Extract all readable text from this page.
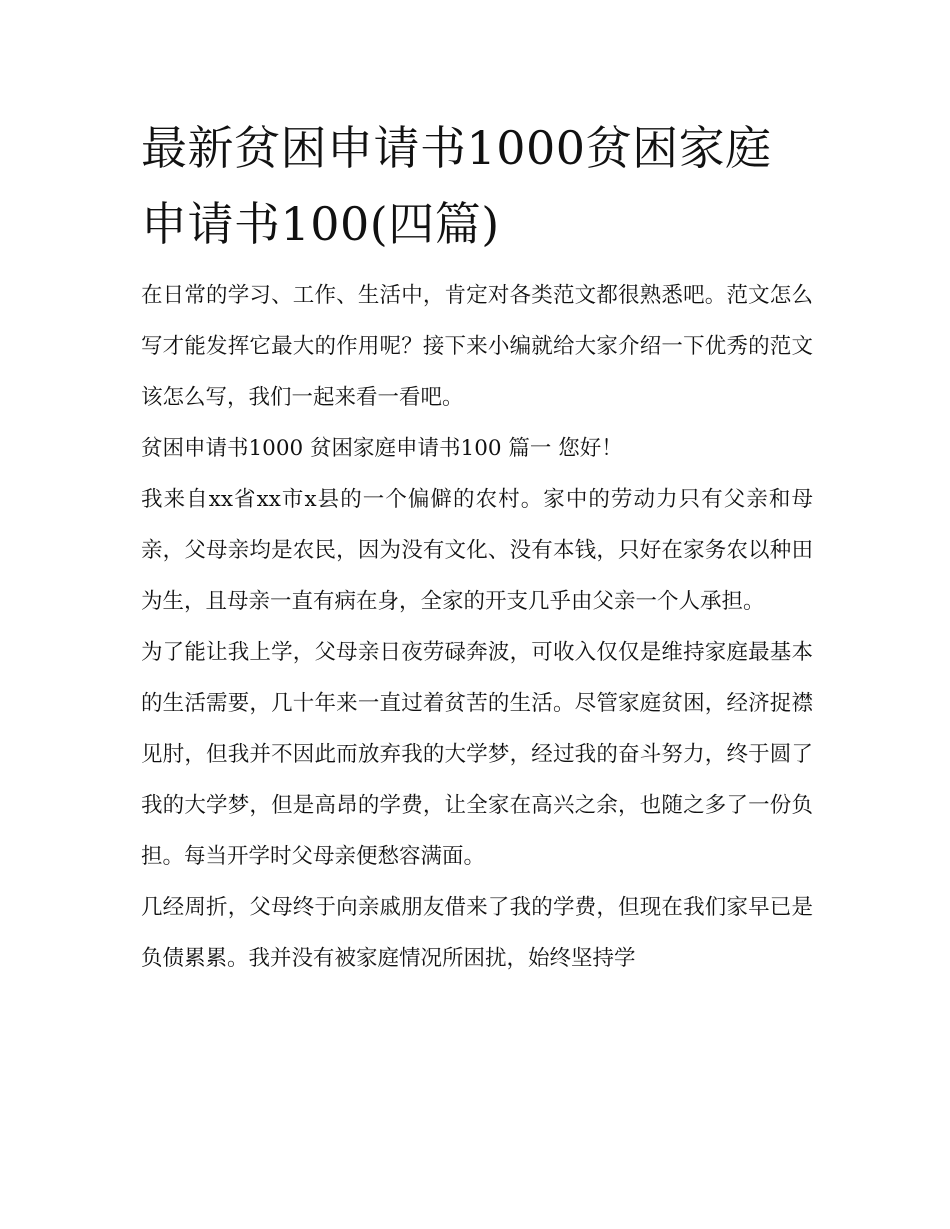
最新贫困申请书1000贫困家庭申请书100(四篇)

在日常的学习、工作、生活中，肯定对各类范文都很熟悉吧。范文怎么写才能发挥它最大的作用呢？接下来小编就给大家介绍一下优秀的范文该怎么写，我们一起来看一看吧。

贫困申请书1000 贫困家庭申请书100 篇一 您好！

我来自xx省xx市x县的一个偏僻的农村。家中的劳动力只有父亲和母亲，父母亲均是农民，因为没有文化、没有本钱，只好在家务农以种田为生，且母亲一直有病在身，全家的开支几乎由父亲一个人承担。

为了能让我上学，父母亲日夜劳碌奔波，可收入仅仅是维持家庭最基本的生活需要，几十年来一直过着贫苦的生活。尽管家庭贫困，经济捉襟见肘，但我并不因此而放弃我的大学梦，经过我的奋斗努力，终于圆了我的大学梦，但是高昂的学费，让全家在高兴之余，也随之多了一份负担。每当开学时父母亲便愁容满面。

几经周折，父母终于向亲戚朋友借来了我的学费，但现在我们家早已是负债累累。我并没有被家庭情况所困扰，始终坚持学
